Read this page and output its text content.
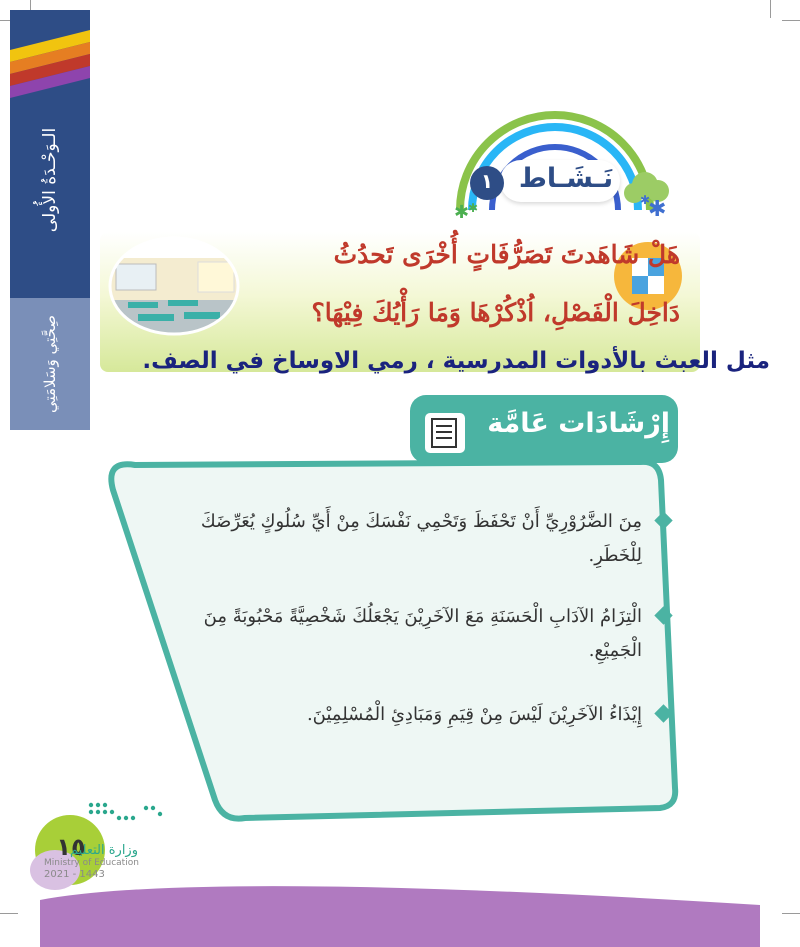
الـوَحْـدَةُ الأُولى
صِحَّتِي وَسَلامَتِي
✱
✱	✱
✱
نَـشَـاط
١
هَلْ شَاهَدتَ تَصَرُّفَاتٍ أُخْرَى تَحدُثُ
دَاخِلَ الْفَصْلِ، اُذْكُرْهَا وَمَا رَأْيُكَ فِيْهَا؟
مثل العبث بالأدوات المدرسية ، رمي الاوساخ في الصف.
إِرْشَادَات عَامَّة
مِنَ الضَّرُوْرِيِّ أَنْ تَحْفَظَ وَتَحْمِي نَفْسَكَ مِنْ أَيِّ سُلُوكٍ يُعَرِّضَكَ
لِلْخَطَرِ.
الْتِزَامُ الآدَابِ الْحَسَنَةِ مَعَ الآخَرِيْنَ يَجْعَلُكَ شَخْصِيَّةً مَحْبُوبَةً مِنَ
الْجَمِيْعِ.
إِيْذَاءُ الآخَرِيْنَ لَيْسَ مِنْ قِيَمِ وَمَبَادِئِ الْمُسْلِمِيْنَ.
١٥
وزارة التعليم
Ministry of Education
2021 - 1443
